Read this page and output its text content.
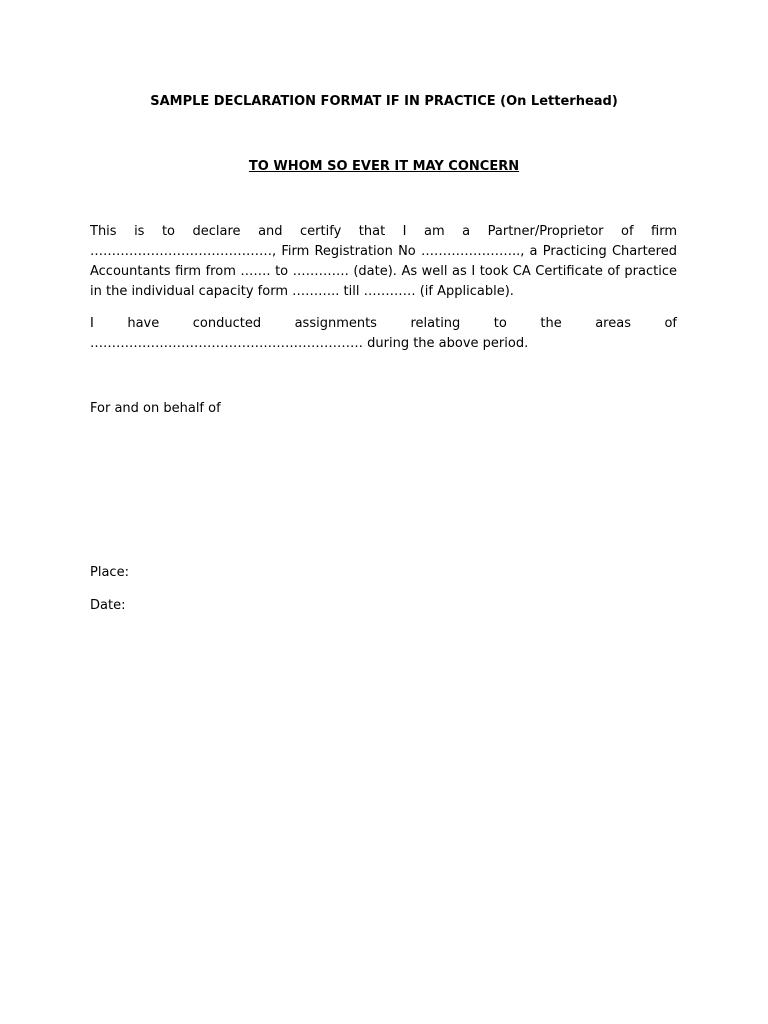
SAMPLE DECLARATION FORMAT IF IN PRACTICE (On Letterhead)
TO WHOM SO EVER IT MAY CONCERN

This is to declare and certify that I am a Partner/Proprietor of firm ……………………………………, Firm Registration No ………………….., a Practicing Chartered Accountants firm from ……. to …………. (date). As well as I took CA Certificate of practice in the individual capacity form ……….. till ………… (if Applicable).

I have conducted assignments relating to the areas of ……………………………………………………… during the above period.

For and on behalf of
Place:
Date:
